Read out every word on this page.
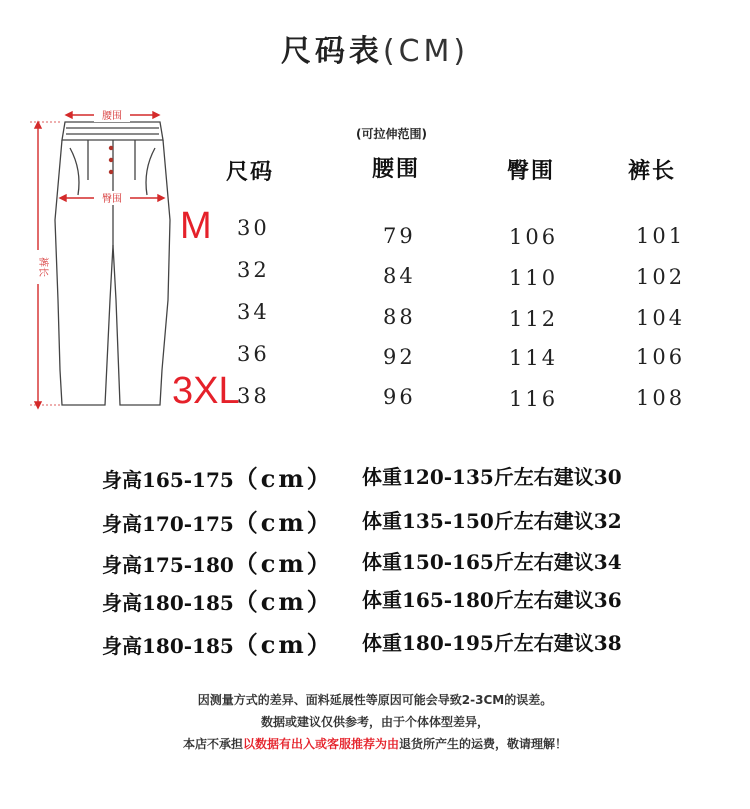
尺码表(CM)
腰围
臀围
裤长
(可拉伸范围)
尺码	腰围	臀围	裤长
M
3XL
30	79	106	101
32	84	110	102
34	88	112	104
36	92	114	106
38	96	116	108
身高165-175（cm） 体重120-135斤左右建议30
身高170-175（cm） 体重135-150斤左右建议32
身高175-180（cm） 体重150-165斤左右建议34
身高180-185（cm） 体重165-180斤左右建议36
身高180-185（cm） 体重180-195斤左右建议38
因测量方式的差异、面料延展性等原因可能会导致2-3CM的误差。
数据或建议仅供参考，由于个体体型差异，
本店不承担以数据有出入或客服推荐为由退货所产生的运费，敬请理解！
